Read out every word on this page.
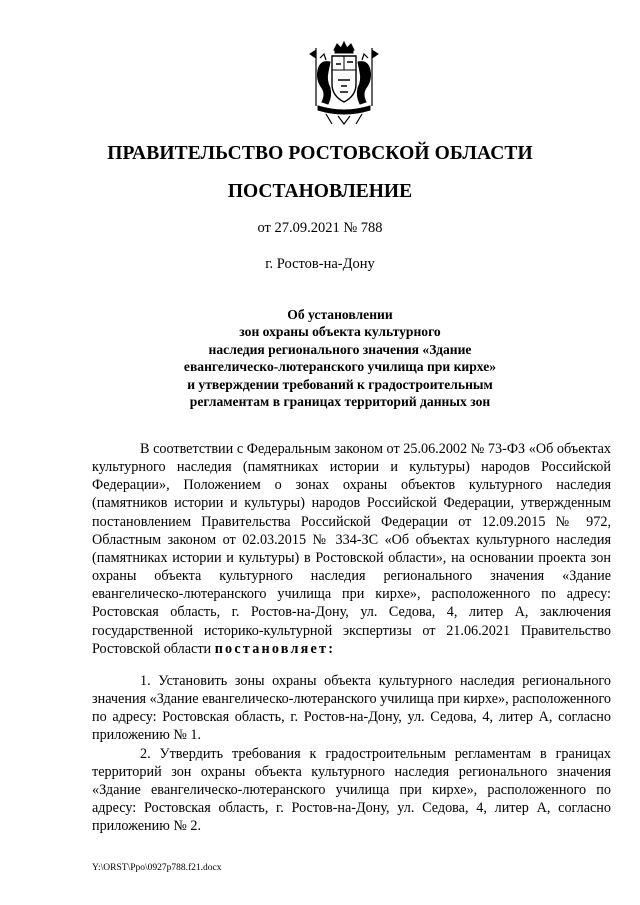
ПРАВИТЕЛЬСТВО РОСТОВСКОЙ ОБЛАСТИ
ПОСТАНОВЛЕНИЕ

от 27.09.2021 № 788

г. Ростов-на-Дону

Об установлении
зон охраны объекта культурного
наследия регионального значения «Здание
евангелическо-лютеранского училища при кирхе»
и утверждении требований к градостроительным
регламентам в границах территорий данных зон

В соответствии с Федеральным законом от 25.06.2002 № 73-ФЗ «Об объектах культурного наследия (памятниках истории и культуры) народов Российской Федерации», Положением о зонах охраны объектов культурного наследия (памятников истории и культуры) народов Российской Федерации, утвержденным постановлением Правительства Российской Федерации от 12.09.2015 № 972, Областным законом от 02.03.2015 № 334-ЗС «Об объектах культурного наследия (памятниках истории и культуры) в Ростовской области», на основании проекта зон охраны объекта культурного наследия регионального значения «Здание евангелическо-лютеранского училища при кирхе», расположенного по адресу: Ростовская область, г. Ростов-на-Дону, ул. Седова, 4, литер А, заключения государственной историко-культурной экспертизы от 21.06.2021 Правительство Ростовской области постановляет:

1. Установить зоны охраны объекта культурного наследия регионального значения «Здание евангелическо-лютеранского училища при кирхе», расположенного по адресу: Ростовская область, г. Ростов-на-Дону, ул. Седова, 4, литер А, согласно приложению № 1.

2. Утвердить требования к градостроительным регламентам в границах территорий зон охраны объекта культурного наследия регионального значения «Здание евангелическо-лютеранского училища при кирхе», расположенного по адресу: Ростовская область, г. Ростов-на-Дону, ул. Седова, 4, литер А, согласно приложению № 2.

Y:\ORST\Ppo\0927p788.f21.docx
